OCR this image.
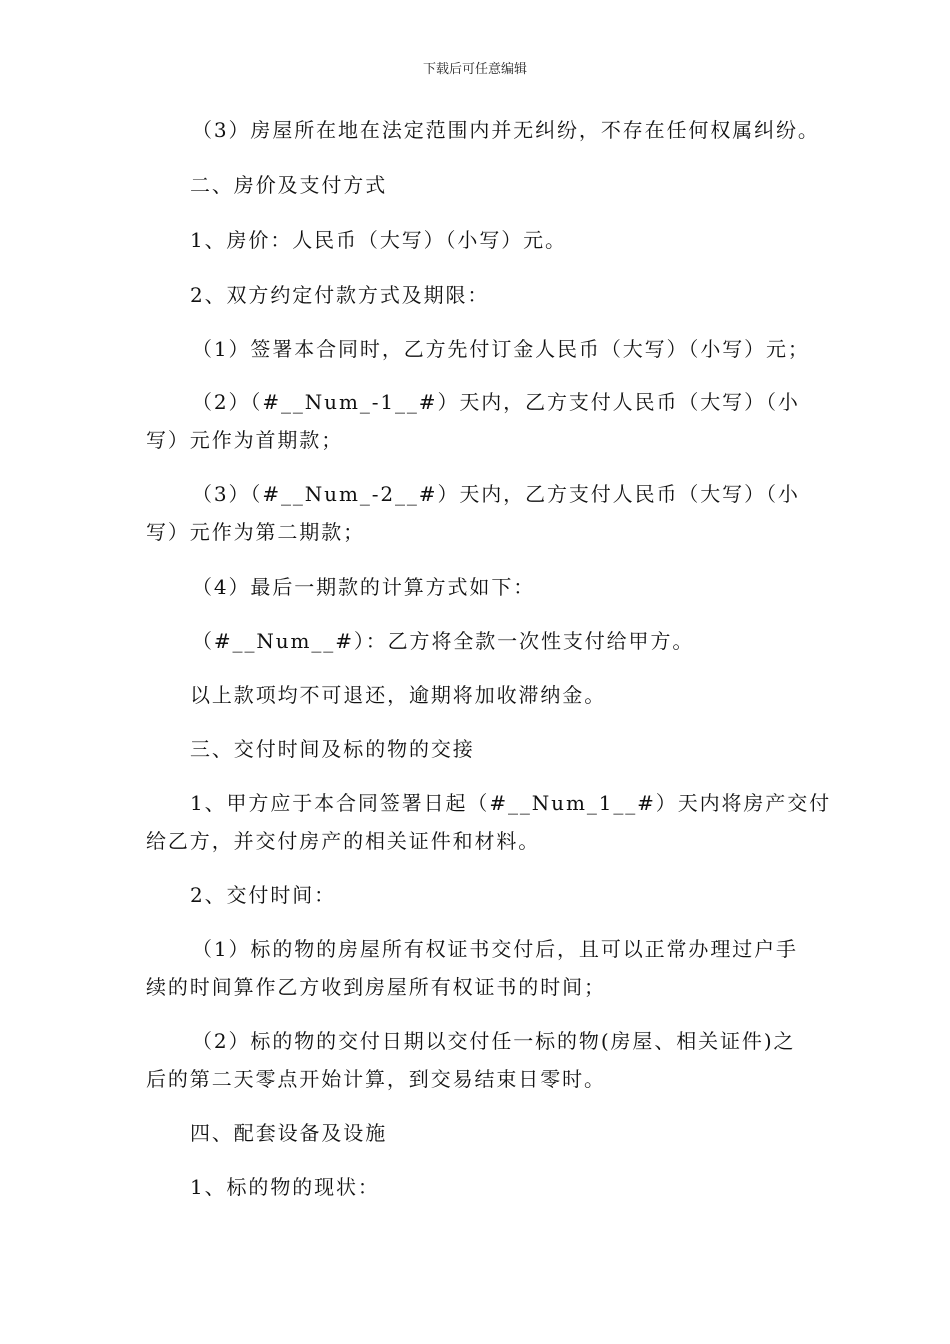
下载后可任意编辑
（3）房屋所在地在法定范围内并无纠纷，不存在任何权属纠纷。
二、房价及支付方式
1、房价：人民币（大写）（小写）元。
2、双方约定付款方式及期限：
（1）签署本合同时，乙方先付订金人民币（大写）（小写）元；
（2）（#__Num_-1__#）天内，乙方支付人民币（大写）（小
写）元作为首期款；
（3）（#__Num_-2__#）天内，乙方支付人民币（大写）（小
写）元作为第二期款；
（4）最后一期款的计算方式如下：
（#__Num__#）：乙方将全款一次性支付给甲方。
以上款项均不可退还，逾期将加收滞纳金。
三、交付时间及标的物的交接
1、甲方应于本合同签署日起（#__Num_1__#）天内将房产交付
给乙方，并交付房产的相关证件和材料。
2、交付时间：
（1）标的物的房屋所有权证书交付后，且可以正常办理过户手
续的时间算作乙方收到房屋所有权证书的时间；
（2）标的物的交付日期以交付任一标的物(房屋、相关证件)之
后的第二天零点开始计算，到交易结束日零时。
四、配套设备及设施
1、标的物的现状：
